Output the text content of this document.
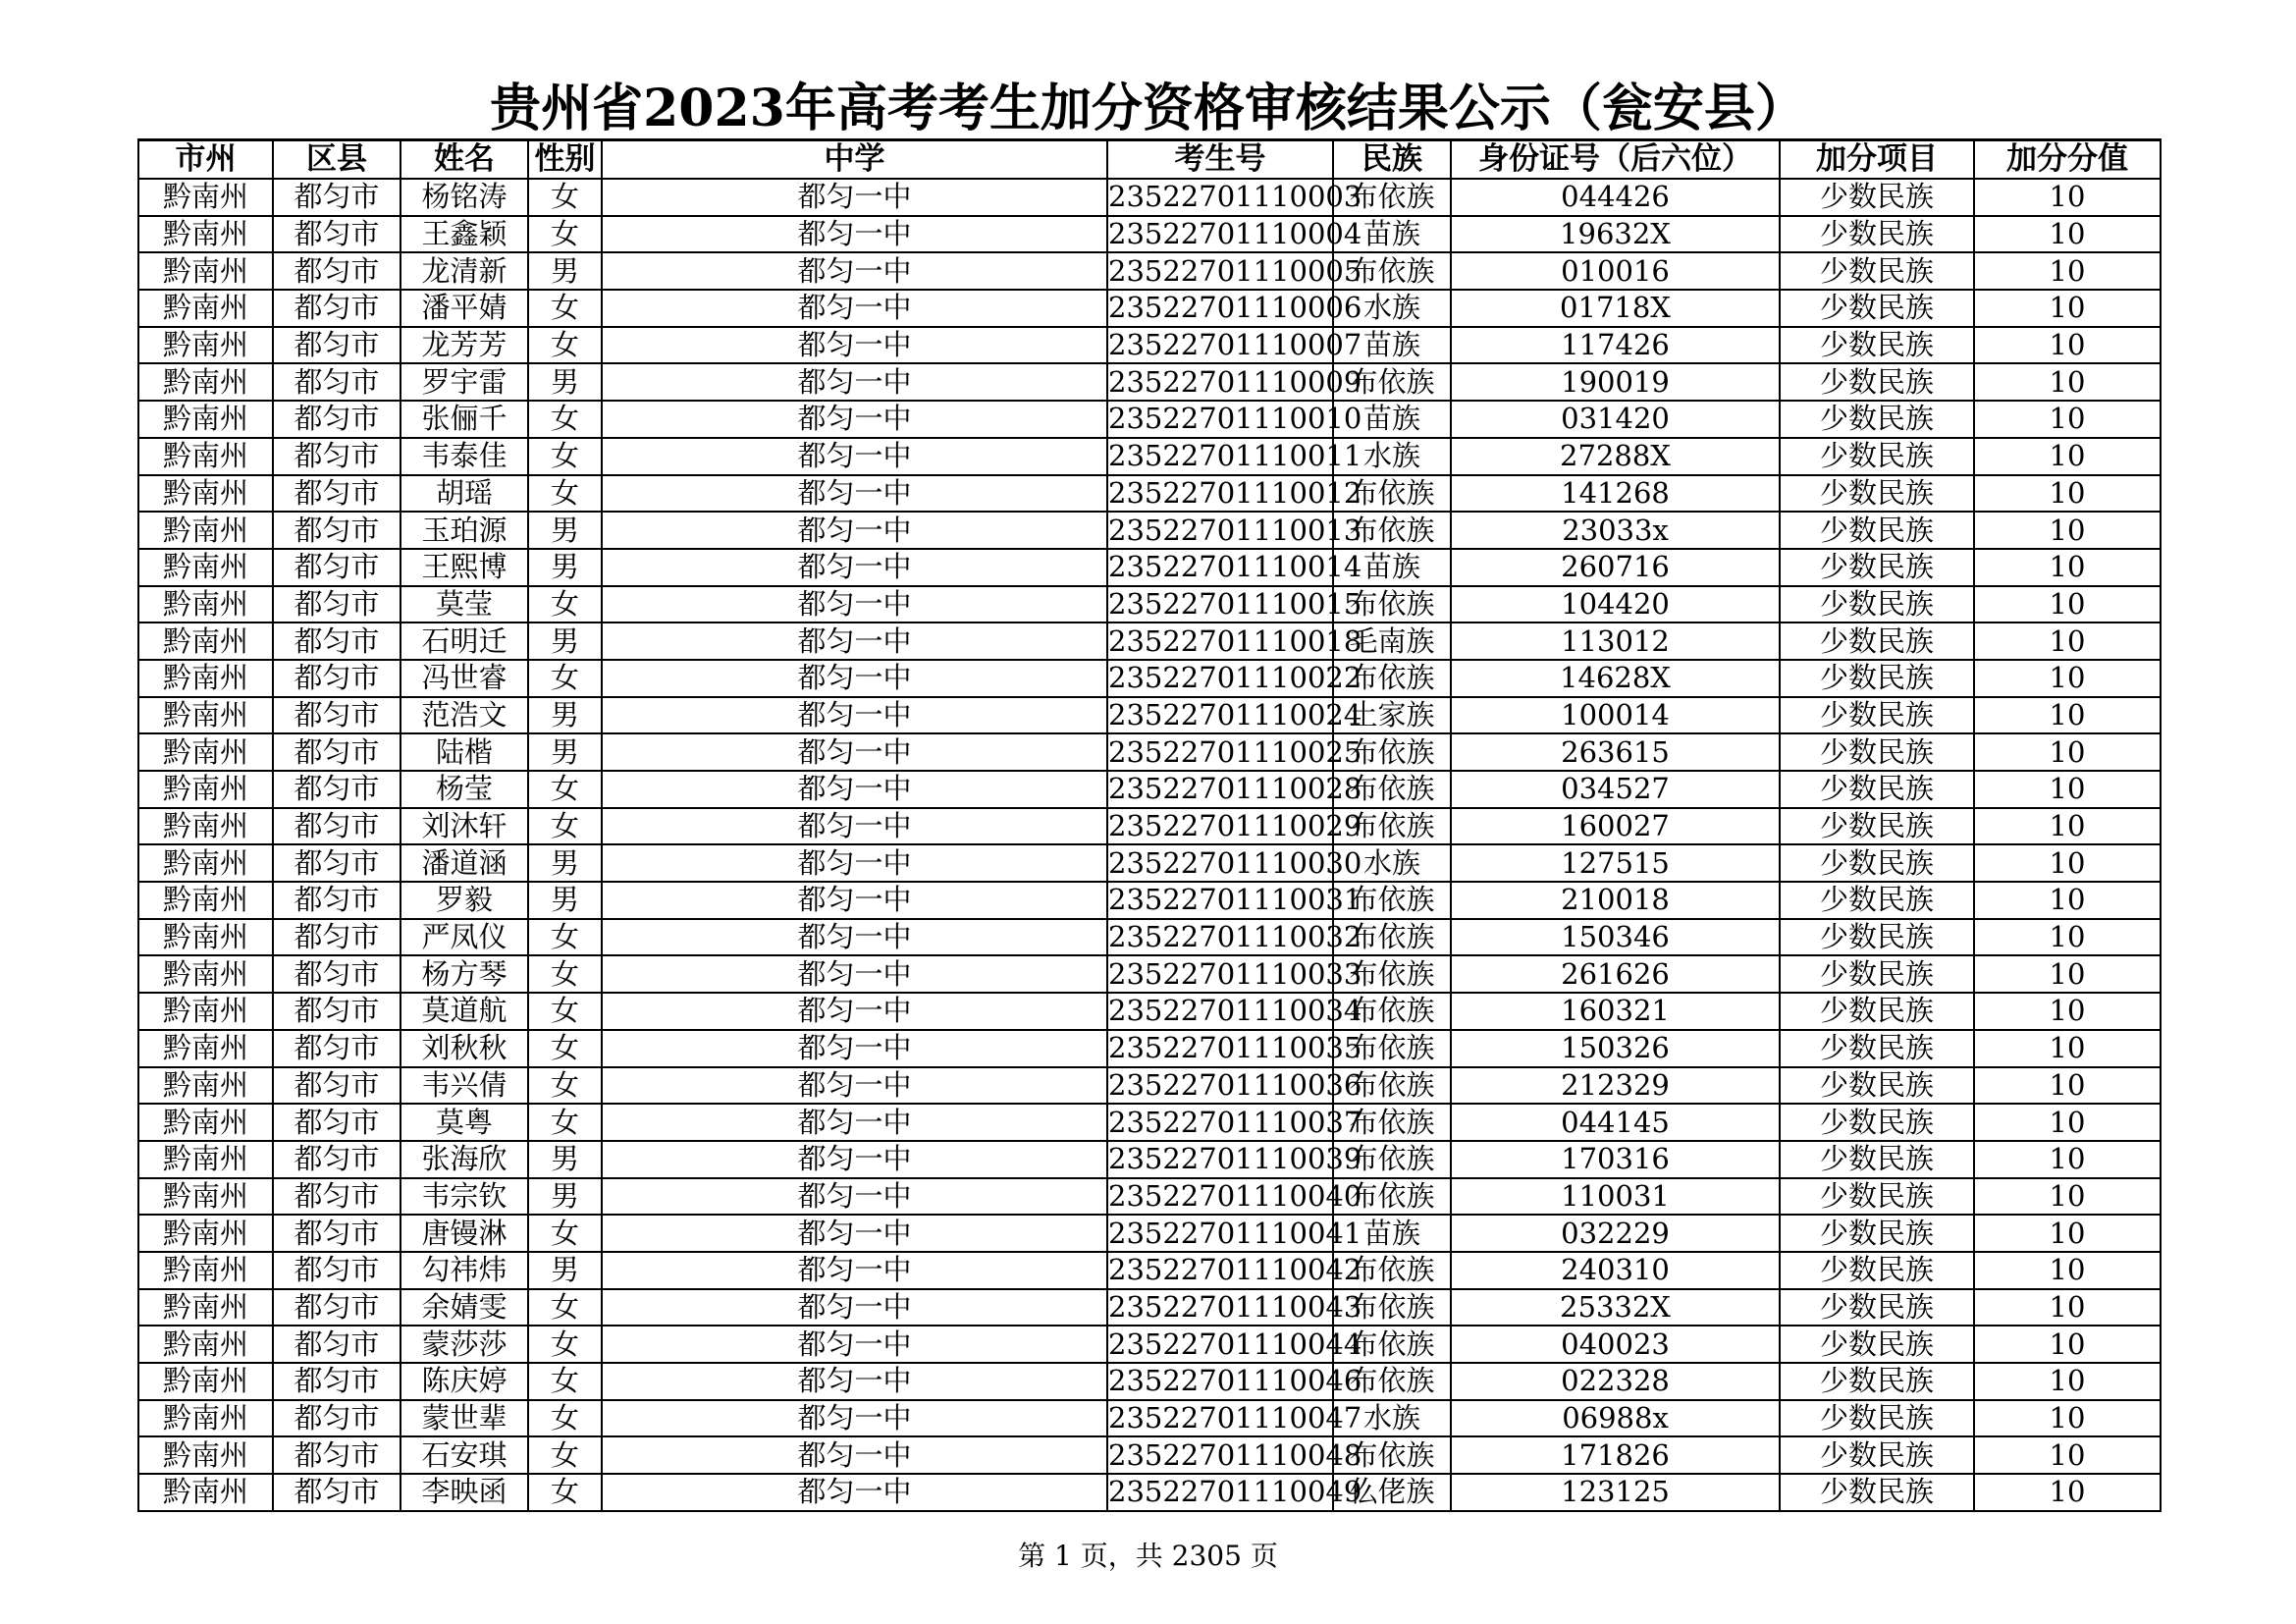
贵州省2023年高考考生加分资格审核结果公示（瓮安县）
市州	区县	姓名	性别	中学	考生号	民族	身份证号（后六位）	加分项目	加分分值
黔南州	都匀市	杨铭涛	女	都匀一中	23522701110003	布依族	044426	少数民族	10
黔南州	都匀市	王鑫颖	女	都匀一中	23522701110004	苗族	19632X	少数民族	10
黔南州	都匀市	龙清新	男	都匀一中	23522701110005	布依族	010016	少数民族	10
黔南州	都匀市	潘平婧	女	都匀一中	23522701110006	水族	01718X	少数民族	10
黔南州	都匀市	龙芳芳	女	都匀一中	23522701110007	苗族	117426	少数民族	10
黔南州	都匀市	罗宇雷	男	都匀一中	23522701110009	布依族	190019	少数民族	10
黔南州	都匀市	张俪千	女	都匀一中	23522701110010	苗族	031420	少数民族	10
黔南州	都匀市	韦泰佳	女	都匀一中	23522701110011	水族	27288X	少数民族	10
黔南州	都匀市	胡瑶	女	都匀一中	23522701110012	布依族	141268	少数民族	10
黔南州	都匀市	玉珀源	男	都匀一中	23522701110013	布依族	23033x	少数民族	10
黔南州	都匀市	王熙博	男	都匀一中	23522701110014	苗族	260716	少数民族	10
黔南州	都匀市	莫莹	女	都匀一中	23522701110015	布依族	104420	少数民族	10
黔南州	都匀市	石明迁	男	都匀一中	23522701110018	毛南族	113012	少数民族	10
黔南州	都匀市	冯世睿	女	都匀一中	23522701110022	布依族	14628X	少数民族	10
黔南州	都匀市	范浩文	男	都匀一中	23522701110024	土家族	100014	少数民族	10
黔南州	都匀市	陆楷	男	都匀一中	23522701110025	布依族	263615	少数民族	10
黔南州	都匀市	杨莹	女	都匀一中	23522701110028	布依族	034527	少数民族	10
黔南州	都匀市	刘沐轩	女	都匀一中	23522701110029	布依族	160027	少数民族	10
黔南州	都匀市	潘道涵	男	都匀一中	23522701110030	水族	127515	少数民族	10
黔南州	都匀市	罗毅	男	都匀一中	23522701110031	布依族	210018	少数民族	10
黔南州	都匀市	严凤仪	女	都匀一中	23522701110032	布依族	150346	少数民族	10
黔南州	都匀市	杨方琴	女	都匀一中	23522701110033	布依族	261626	少数民族	10
黔南州	都匀市	莫道航	女	都匀一中	23522701110034	布依族	160321	少数民族	10
黔南州	都匀市	刘秋秋	女	都匀一中	23522701110035	布依族	150326	少数民族	10
黔南州	都匀市	韦兴倩	女	都匀一中	23522701110036	布依族	212329	少数民族	10
黔南州	都匀市	莫粤	女	都匀一中	23522701110037	布依族	044145	少数民族	10
黔南州	都匀市	张海欣	男	都匀一中	23522701110039	布依族	170316	少数民族	10
黔南州	都匀市	韦宗钦	男	都匀一中	23522701110040	布依族	110031	少数民族	10
黔南州	都匀市	唐镘淋	女	都匀一中	23522701110041	苗族	032229	少数民族	10
黔南州	都匀市	勾祎炜	男	都匀一中	23522701110042	布依族	240310	少数民族	10
黔南州	都匀市	余婧雯	女	都匀一中	23522701110043	布依族	25332X	少数民族	10
黔南州	都匀市	蒙莎莎	女	都匀一中	23522701110044	布依族	040023	少数民族	10
黔南州	都匀市	陈庆婷	女	都匀一中	23522701110046	布依族	022328	少数民族	10
黔南州	都匀市	蒙世辈	女	都匀一中	23522701110047	水族	06988x	少数民族	10
黔南州	都匀市	石安琪	女	都匀一中	23522701110048	布依族	171826	少数民族	10
黔南州	都匀市	李映函	女	都匀一中	23522701110049	仫佬族	123125	少数民族	10
第 1 页，共 2305 页
